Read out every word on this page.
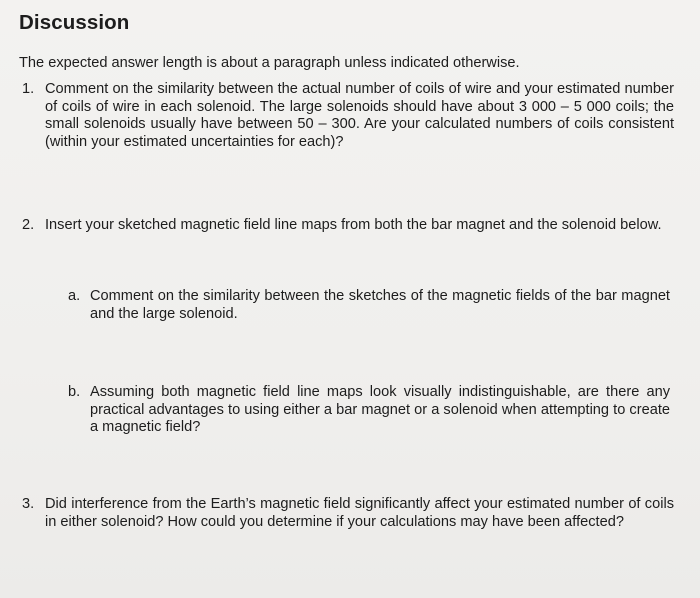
Discussion
The expected answer length is about a paragraph unless indicated otherwise.
1. Comment on the similarity between the actual number of coils of wire and your estimated number of coils of wire in each solenoid. The large solenoids should have about 3 000 – 5 000 coils; the small solenoids usually have between 50 – 300. Are your calculated numbers of coils consistent (within your estimated uncertainties for each)?
2. Insert your sketched magnetic field line maps from both the bar magnet and the solenoid below.
a. Comment on the similarity between the sketches of the magnetic fields of the bar magnet and the large solenoid.
b. Assuming both magnetic field line maps look visually indistinguishable, are there any practical advantages to using either a bar magnet or a solenoid when attempting to create a magnetic field?
3. Did interference from the Earth’s magnetic field significantly affect your estimated number of coils in either solenoid? How could you determine if your calculations may have been affected?
